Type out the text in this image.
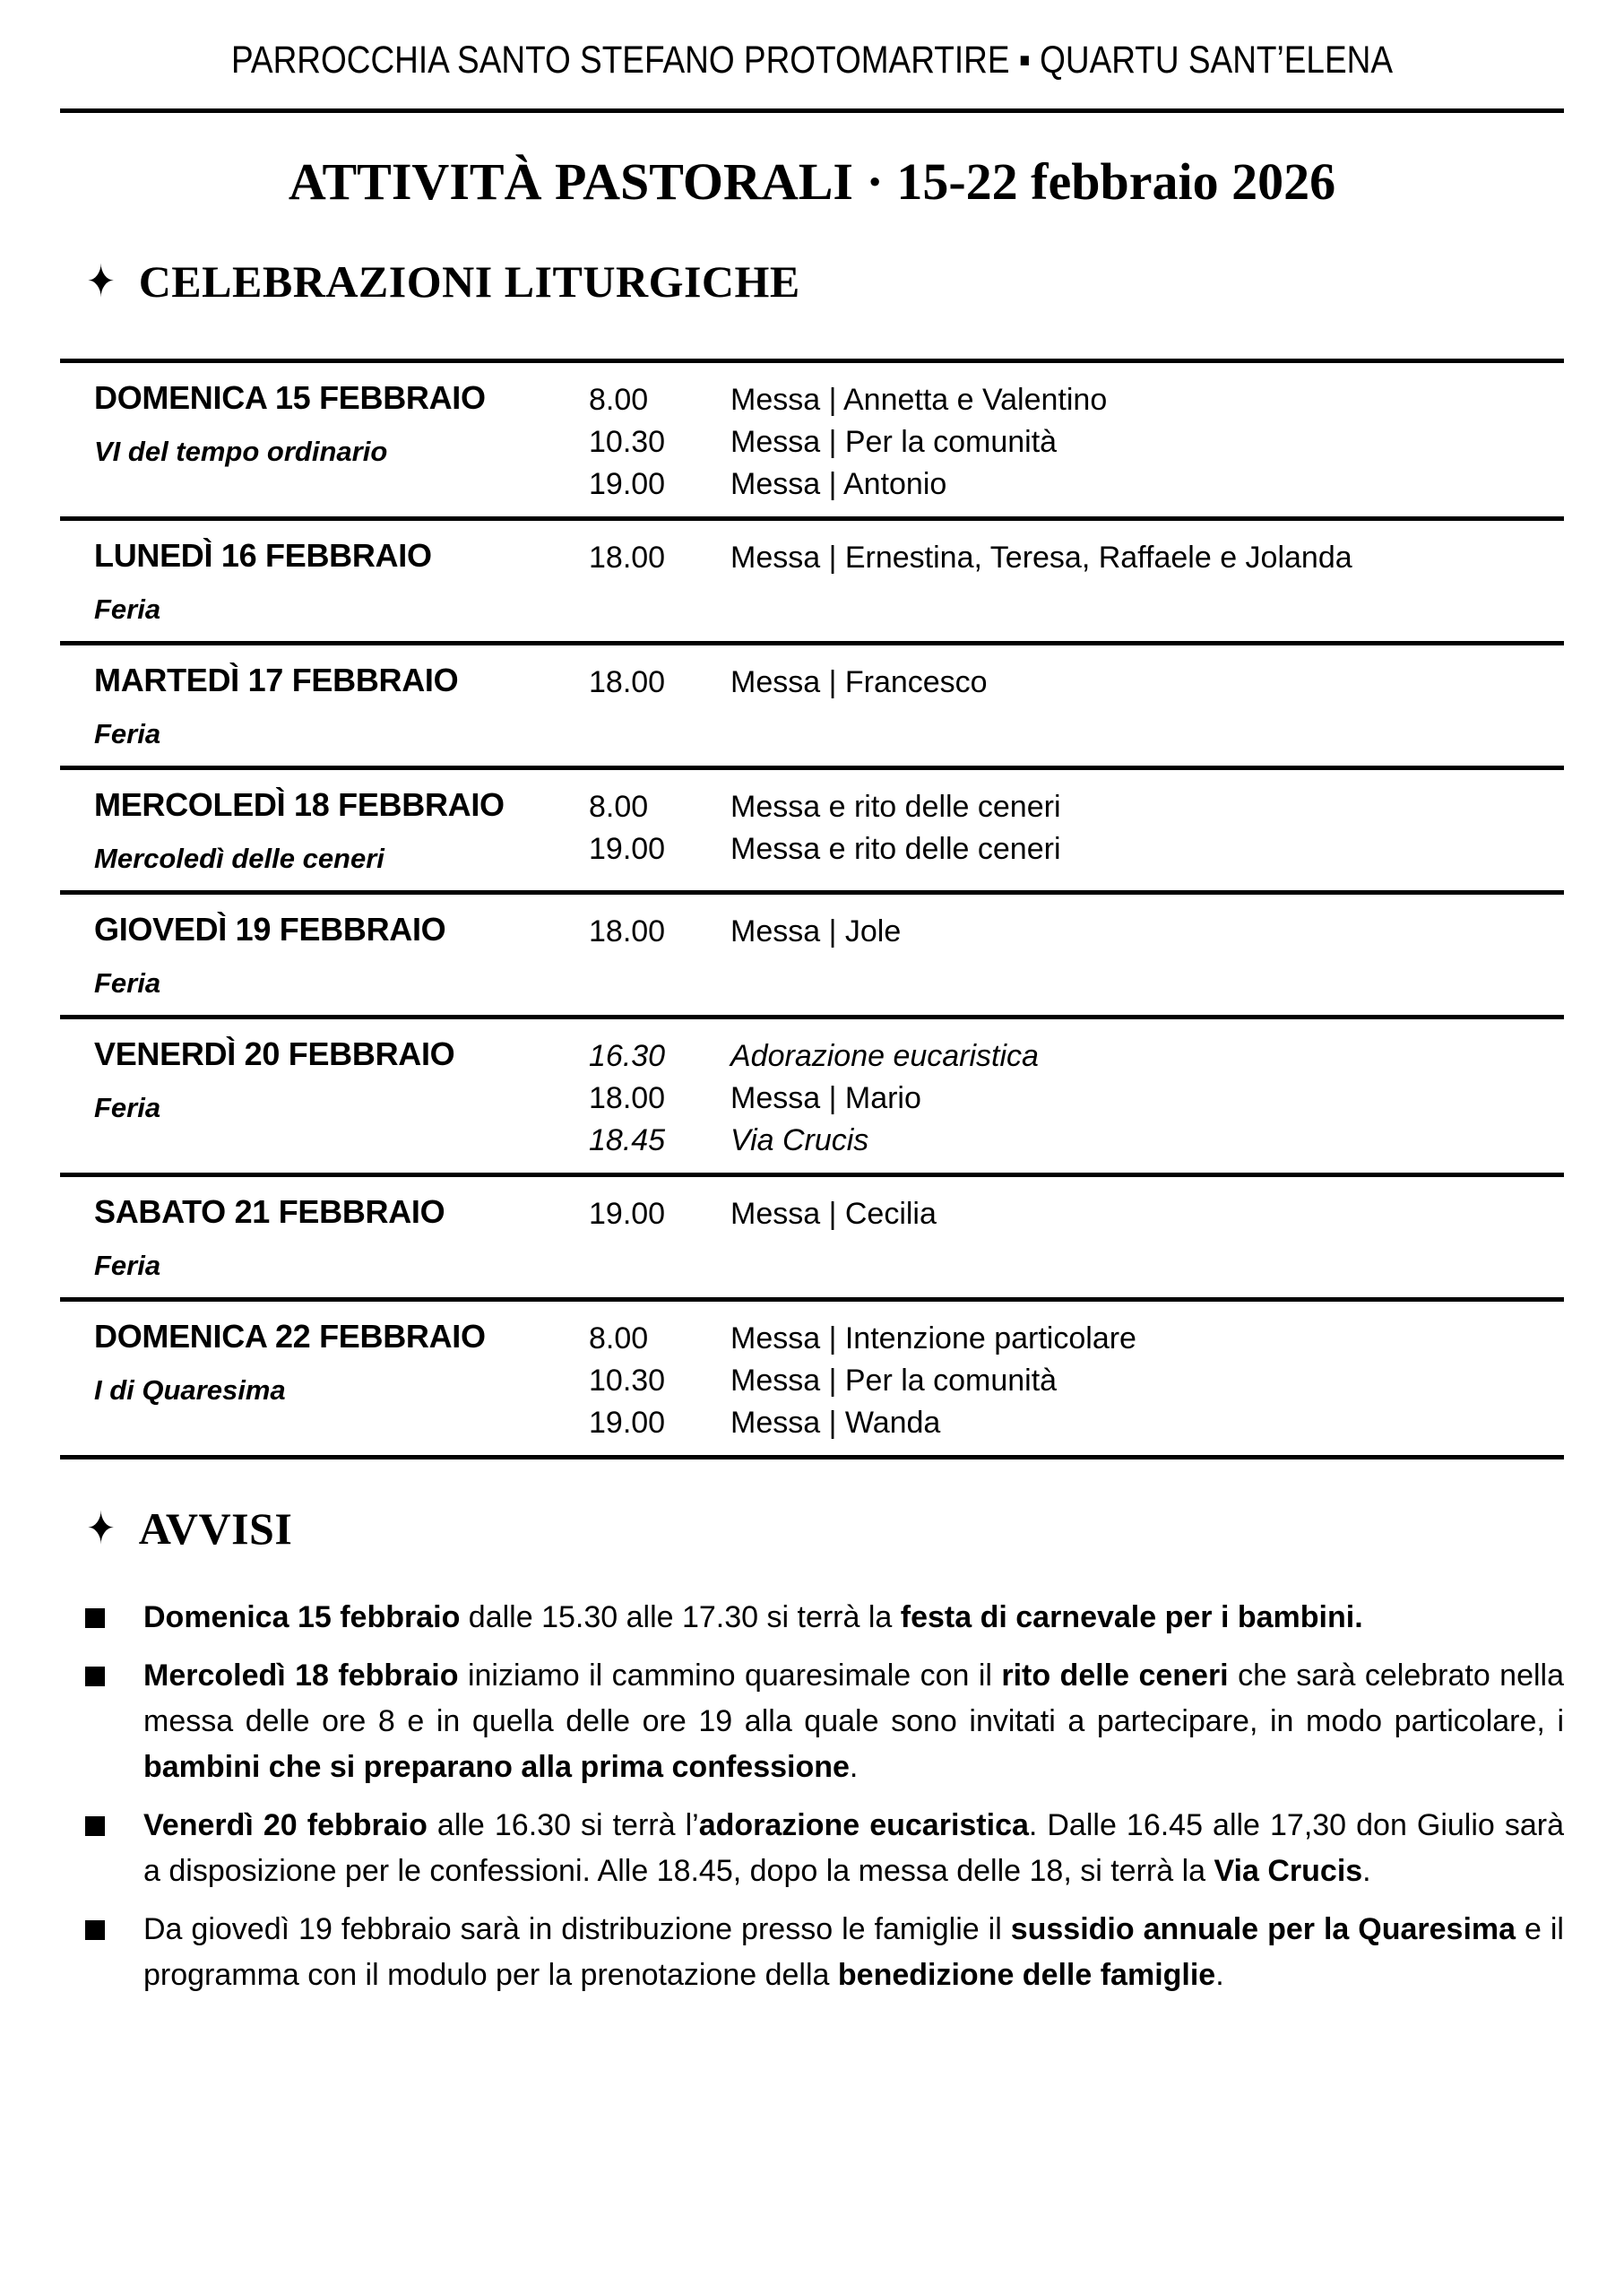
PARROCCHIA SANTO STEFANO PROTOMARTIRE ▪ QUARTU SANT’ELENA
ATTIVITÀ PASTORALI · 15-22 febbraio 2026
✦ CELEBRAZIONI LITURGICHE
DOMENICA 15 FEBBRAIO
VI del tempo ordinario
8.00	Messa | Annetta e Valentino
10.30	Messa | Per la comunità
19.00	Messa | Antonio
LUNEDÌ 16 FEBBRAIO
Feria
18.00	Messa | Ernestina, Teresa, Raffaele e Jolanda
MARTEDÌ 17 FEBBRAIO
Feria
18.00	Messa | Francesco
MERCOLEDÌ 18 FEBBRAIO
Mercoledì delle ceneri
8.00	Messa e rito delle ceneri
19.00	Messa e rito delle ceneri
GIOVEDÌ 19 FEBBRAIO
Feria
18.00	Messa | Jole
VENERDÌ 20 FEBBRAIO
Feria
16.30	Adorazione eucaristica
18.00	Messa | Mario
18.45	Via Crucis
SABATO 21 FEBBRAIO
Feria
19.00	Messa | Cecilia
DOMENICA 22 FEBBRAIO
I di Quaresima
8.00	Messa | Intenzione particolare
10.30	Messa | Per la comunità
19.00	Messa | Wanda
✦ AVVISI

Domenica 15 febbraio dalle 15.30 alle 17.30 si terrà la festa di carnevale per i bambini.

Mercoledì 18 febbraio iniziamo il cammino quaresimale con il rito delle ceneri che sarà celebrato nella messa delle ore 8 e in quella delle ore 19 alla quale sono invitati a partecipare, in modo particolare, i bambini che si preparano alla prima confessione.

Venerdì 20 febbraio alle 16.30 si terrà l’adorazione eucaristica. Dalle 16.45 alle 17,30 don Giulio sarà a disposizione per le confessioni. Alle 18.45, dopo la messa delle 18, si terrà la Via Crucis.

Da giovedì 19 febbraio sarà in distribuzione presso le famiglie il sussidio annuale per la Quaresima e il programma con il modulo per la prenotazione della benedizione delle famiglie.
